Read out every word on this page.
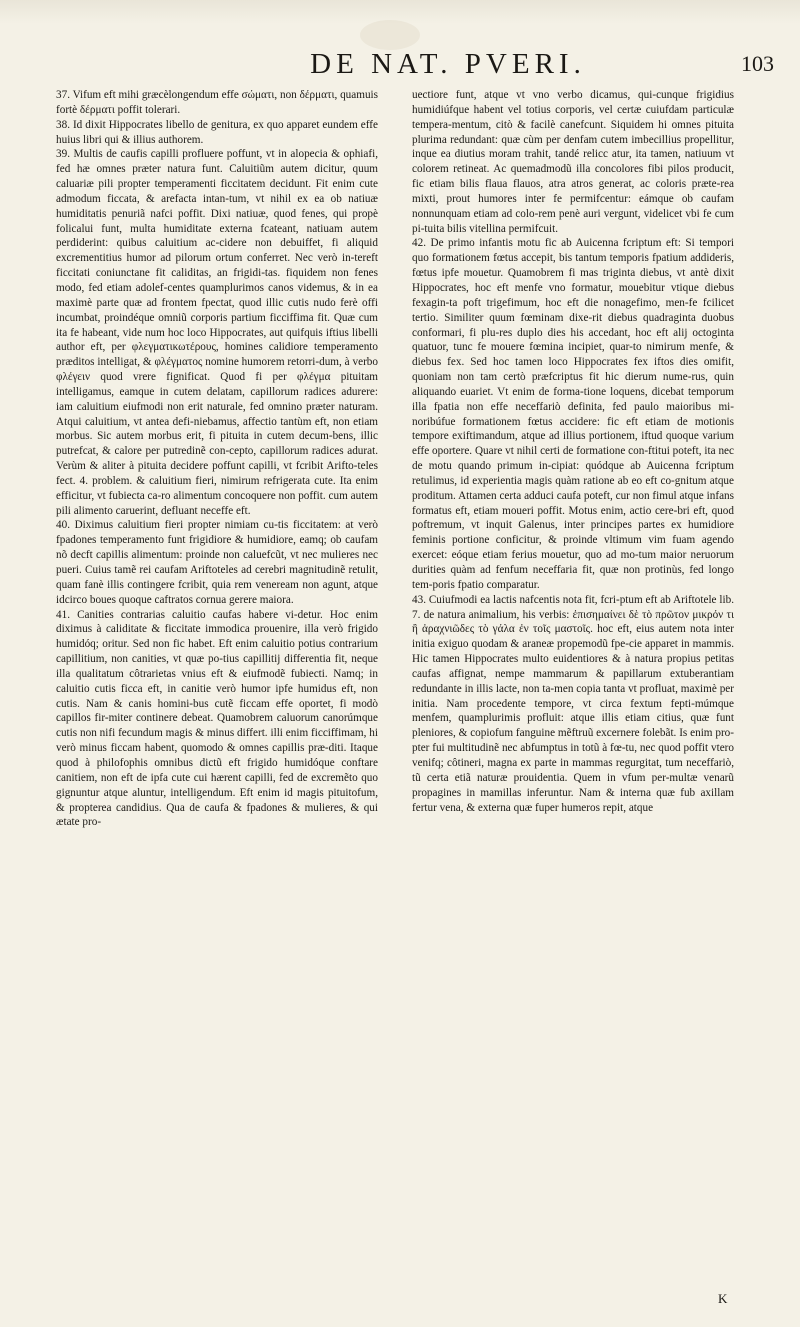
DE NAT. PVERI.	103

37. Vifum eft mihi græcèlongendum effe σώματι, non δέρματι, quamuis fortè δέρματι poffit tolerari.

38. Id dixit Hippocrates libello de genitura, ex quo apparet eundem effe huius libri qui & illius authorem.

39. Multis de caufis capilli profluere poffunt, vt in alopecia & ophiafi, fed hæ omnes præter natura funt. Caluitiũm autem dicitur, quum caluariæ pili propter temperamenti ficcitatem decidunt. Fit enim cute admodum ficcata, & arefacta intan-tum, vt nihil ex ea ob natiuæ humiditatis penuriã nafci poffit. Dixi natiuæ, quod fenes, qui propè folicalui funt, multa humiditate externa fcateant, natiuam autem perdiderint: quibus caluitium ac-cidere non debuiffet, fi aliquid excrementitius humor ad pilorum ortum conferret. Nec verò in-tereft ficcitati coniunctane fit caliditas, an frigidi-tas. fiquidem non fenes modo, fed etiam adolef-centes quamplurimos canos videmus, & in ea maximè parte quæ ad frontem fpectat, quod illic cutis nudo ferè offi incumbat, proindéque omniũ corporis partium ficciffima fit. Quæ cum ita fe habeant, vide num hoc loco Hippocrates, aut quifquis iftius libelli author eft, per φλεγματικωτέρους, homines calidiore temperamento præditos intelligat, & φλέγματος nomine humorem retorri-dum, à verbo φλέγειν quod vrere fignificat. Quod fi per φλέγμα pituitam intelligamus, eamque in cutem delatam, capillorum radices adurere: iam caluitium eiufmodi non erit naturale, fed omnino præter naturam. Atqui caluitium, vt antea defi-niebamus, affectio tantùm eft, non etiam morbus. Sic autem morbus erit, fi pituita in cutem decum-bens, illic putrefcat, & calore per putredinẽ con-cepto, capillorum radices adurat. Verùm & aliter à pituita decidere poffunt capilli, vt fcribit Arifto-teles fect. 4. problem. & caluitium fieri, nimirum refrigerata cute. Ita enim efficitur, vt fubiecta ca-ro alimentum concoquere non poffit. cum autem pili alimento caruerint, defluant neceffe eft.

40. Diximus caluitium fieri propter nimiam cu-tis ficcitatem: at verò fpadones temperamento funt frigidiore & humidiore, eamq; ob caufam nõ decft capillis alimentum: proinde non caluefcũt, vt nec mulieres nec pueri. Cuius tamẽ rei caufam Ariftoteles ad cerebri magnitudinẽ retulit, quam fanè illis contingere fcribit, quia rem veneream non agunt, atque idcirco boues quoque caftratos cornua gerere maiora.

41. Canities contrarias caluitio caufas habere vi-detur. Hoc enim diximus à caliditate & ficcitate immodica prouenire, illa verò frigido humidóq; oritur. Sed non fic habet. Eft enim caluitio potius contrarium capillitium, non canities, vt quæ po-tius capillitij differentia fit, neque illa qualitatum côtrarietas vnius eft & eiufmodẽ fubiecti. Namq; in caluitio cutis ficca eft, in canitie verò humor ipfe humidus eft, non cutis. Nam & canis homini-bus cutẽ ficcam effe oportet, fi modò capillos fir-miter continere debeat. Quamobrem caluorum canorúmque cutis non nifi fecundum magis & minus differt. illi enim ficciffimam, hi verò minus ficcam habent, quomodo & omnes capillis præ-diti. Itaque quod à philofophis omnibus dictũ eft frigido humidóque conftare canitiem, non eft de ipfa cute cui hærent capilli, fed de excremẽto quo gignuntur atque aluntur, intelligendum. Eft enim id magis pituitofum, & propterea candidius. Qua de caufa & fpadones & mulieres, & qui ætate pro-

uectiore funt, atque vt vno verbo dicamus, qui-cunque frigidius humidiúfque habent vel totius corporis, vel certæ cuiufdam particulæ tempera-mentum, citò & facilè canefcunt. Siquidem hi omnes pituita plurima redundant: quæ cùm per denfam cutem imbecillius propellitur, inque ea diutius moram trahit, tandé relicc atur, ita tamen, natiuum vt colorem retineat. Ac quemadmodũ illa concolores fibi pilos producit, fic etiam bilis flaua flauos, atra atros generat, ac coloris præte-rea mixti, prout humores inter fe permifcentur: eámque ob caufam nonnunquam etiam ad colo-rem penè auri vergunt, videlicet vbi fe cum pi-tuita bilis vitellina permifcuit.

42. De primo infantis motu fic ab Auicenna fcriptum eft: Si tempori quo formationem fœtus accepit, bis tantum temporis fpatium addideris, fœtus ipfe mouetur. Quamobrem fi mas triginta diebus, vt antè dixit Hippocrates, hoc eft menfe vno formatur, mouebitur vtique diebus fexagin-ta poft trigefimum, hoc eft die nonagefimo, men-fe fcilicet tertio. Similiter quum fœminam dixe-rit diebus quadraginta duobus conformari, fi plu-res duplo dies his accedant, hoc eft alij octoginta quatuor, tunc fe mouere fœmina incipiet, quar-to nimirum menfe, & diebus fex. Sed hoc tamen loco Hippocrates fex iftos dies omifit, quoniam non tam certò præfcriptus fit hic dierum nume-rus, quin aliquando euariet. Vt enim de forma-tione loquens, dicebat temporum illa fpatia non effe neceffariò definita, fed paulo maioribus mi-noribúfue formationem fœtus accidere: fic eft etiam de motionis tempore exiftimandum, atque ad illius portionem, iftud quoque varium effe oportere. Quare vt nihil certi de formatione con-ftitui poteft, ita nec de motu quando primum in-cipiat: quódque ab Auicenna fcriptum retulimus, id experientia magis quàm ratione ab eo eft co-gnitum atque proditum. Attamen certa adduci caufa poteft, cur non fimul atque infans formatus eft, etiam moueri poffit. Motus enim, actio cere-bri eft, quod poftremum, vt inquit Galenus, inter principes partes ex humidiore feminis portione conficitur, & proinde vltimum vim fuam agendo exercet: eóque etiam ferius mouetur, quo ad mo-tum maior neruorum durities quàm ad fenfum neceffaria fit, quæ non protinùs, fed longo tem-poris fpatio comparatur.

43. Cuiufmodi ea lactis nafcentis nota fit, fcri-ptum eft ab Ariftotele lib. 7. de natura animalium, his verbis: ἐπισημαίνει δὲ τὸ πρῶτον μικρόν τι ἢ ἀραχνιῶδες τὸ γάλα ἐν τοῖς μαστοῖς. hoc eft, eius autem nota inter initia exiguo quodam & araneæ propemodũ fpe-cie apparet in mammis. Hic tamen Hippocrates multo euidentiores & à natura propius petitas caufas affignat, nempe mammarum & papillarum extuberantiam redundante in illis lacte, non ta-men copia tanta vt profluat, maximè per initia. Nam procedente tempore, vt circa fextum fepti-múmque menfem, quamplurimis profluit: atque illis etiam citius, quæ funt pleniores, & copiofum fanguine mẽftruũ excernere folebãt. Is enim pro-pter fui multitudinẽ nec abfumptus in totũ à fœ-tu, nec quod poffit vtero venifq; côtineri, magna ex parte in mammas regurgitat, tum neceffariò, tũ certa etiã naturæ prouidentia. Quem in vfum per-multæ venarũ propagines in mamillas inferuntur. Nam & interna quæ fub axillam fertur vena, & externa quæ fuper humeros repit, atque

K
